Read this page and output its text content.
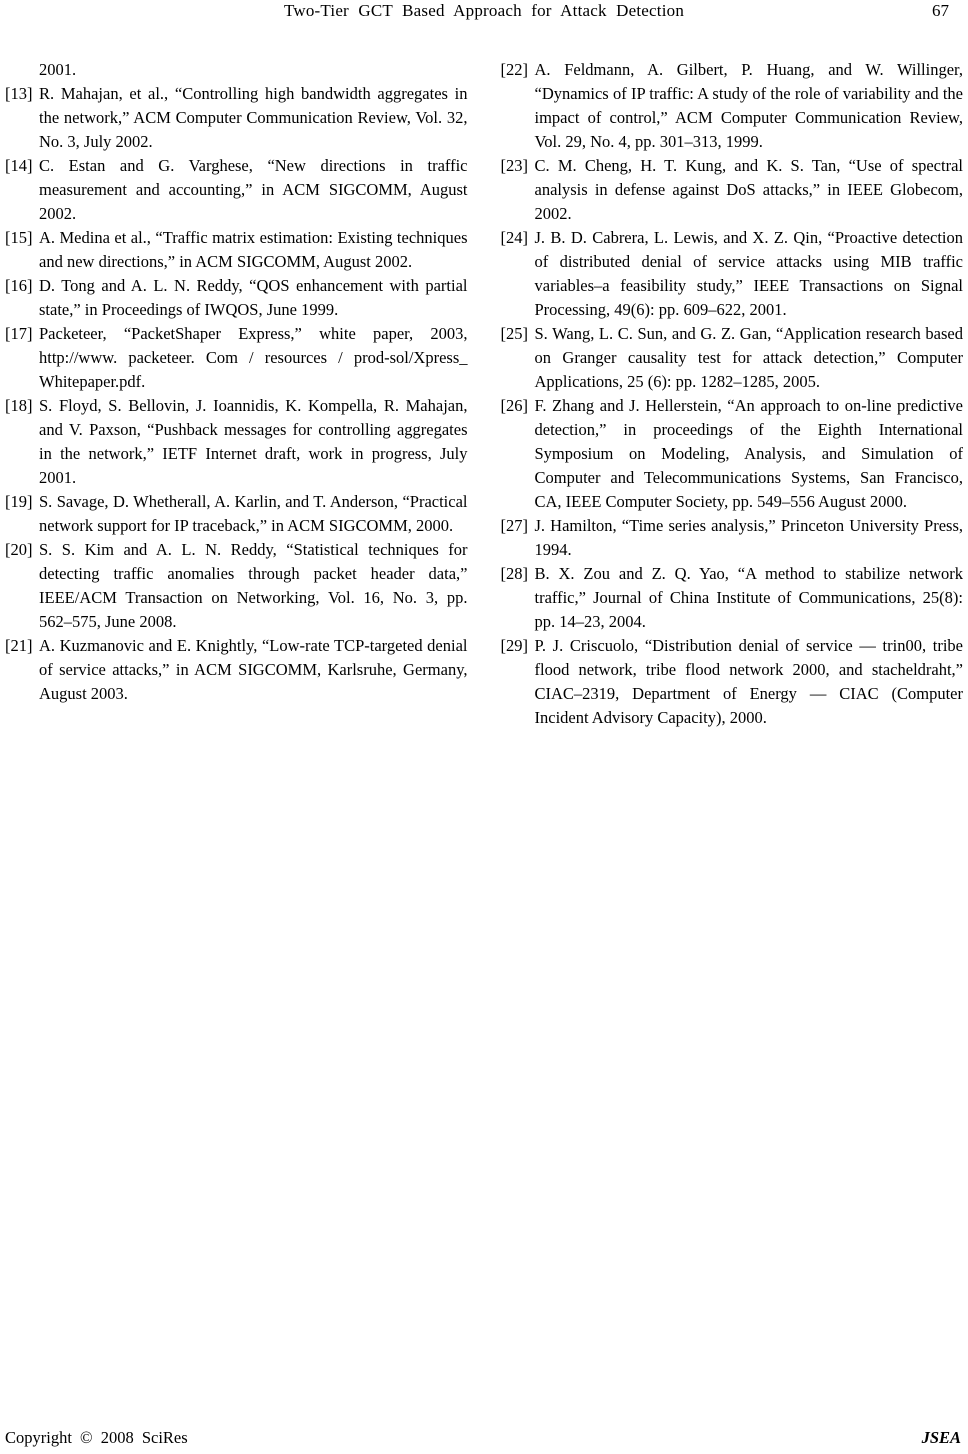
Two-Tier GCT Based Approach for Attack Detection	67
2001.
[13] R. Mahajan, et al., “Controlling high bandwidth aggregates in the network,” ACM Computer Communication Review, Vol. 32, No. 3, July 2002.
[14] C. Estan and G. Varghese, “New directions in traffic measurement and accounting,” in ACM SIGCOMM, August 2002.
[15] A. Medina et al., “Traffic matrix estimation: Existing techniques and new directions,” in ACM SIGCOMM, August 2002.
[16] D. Tong and A. L. N. Reddy, “QOS enhancement with partial state,” in Proceedings of IWQOS, June 1999.
[17] Packeteer, “PacketShaper Express,” white paper, 2003, http://www. packeteer. Com / resources / prod-sol/Xpress_ Whitepaper.pdf.
[18] S. Floyd, S. Bellovin, J. Ioannidis, K. Kompella, R. Mahajan, and V. Paxson, “Pushback messages for controlling aggregates in the network,” IETF Internet draft, work in progress, July 2001.
[19] S. Savage, D. Whetherall, A. Karlin, and T. Anderson, “Practical network support for IP traceback,” in ACM SIGCOMM, 2000.
[20] S. S. Kim and A. L. N. Reddy, “Statistical techniques for detecting traffic anomalies through packet header data,” IEEE/ACM Transaction on Networking, Vol. 16, No. 3, pp. 562–575, June 2008.
[21] A. Kuzmanovic and E. Knightly, “Low-rate TCP-targeted denial of service attacks,” in ACM SIGCOMM, Karlsruhe, Germany, August 2003.
[22] A. Feldmann, A. Gilbert, P. Huang, and W. Willinger, “Dynamics of IP traffic: A study of the role of variability and the impact of control,” ACM Computer Communication Review, Vol. 29, No. 4, pp. 301–313, 1999.
[23] C. M. Cheng, H. T. Kung, and K. S. Tan, “Use of spectral analysis in defense against DoS attacks,” in IEEE Globecom, 2002.
[24] J. B. D. Cabrera, L. Lewis, and X. Z. Qin, “Proactive detection of distributed denial of service attacks using MIB traffic variables–a feasibility study,” IEEE Transactions on Signal Processing, 49(6): pp. 609–622, 2001.
[25] S. Wang, L. C. Sun, and G. Z. Gan, “Application research based on Granger causality test for attack detection,” Computer Applications, 25 (6): pp. 1282–1285, 2005.
[26] F. Zhang and J. Hellerstein, “An approach to on-line predictive detection,” in proceedings of the Eighth International Symposium on Modeling, Analysis, and Simulation of Computer and Telecommunications Systems, San Francisco, CA, IEEE Computer Society, pp. 549–556 August 2000.
[27] J. Hamilton, “Time series analysis,” Princeton University Press, 1994.
[28] B. X. Zou and Z. Q. Yao, “A method to stabilize network traffic,” Journal of China Institute of Communications, 25(8): pp. 14–23, 2004.
[29] P. J. Criscuolo, “Distribution denial of service — trin00, tribe flood network, tribe flood network 2000, and stacheldraht,” CIAC–2319, Department of Energy — CIAC (Computer Incident Advisory Capacity), 2000.
Copyright © 2008 SciRes	JSEA
